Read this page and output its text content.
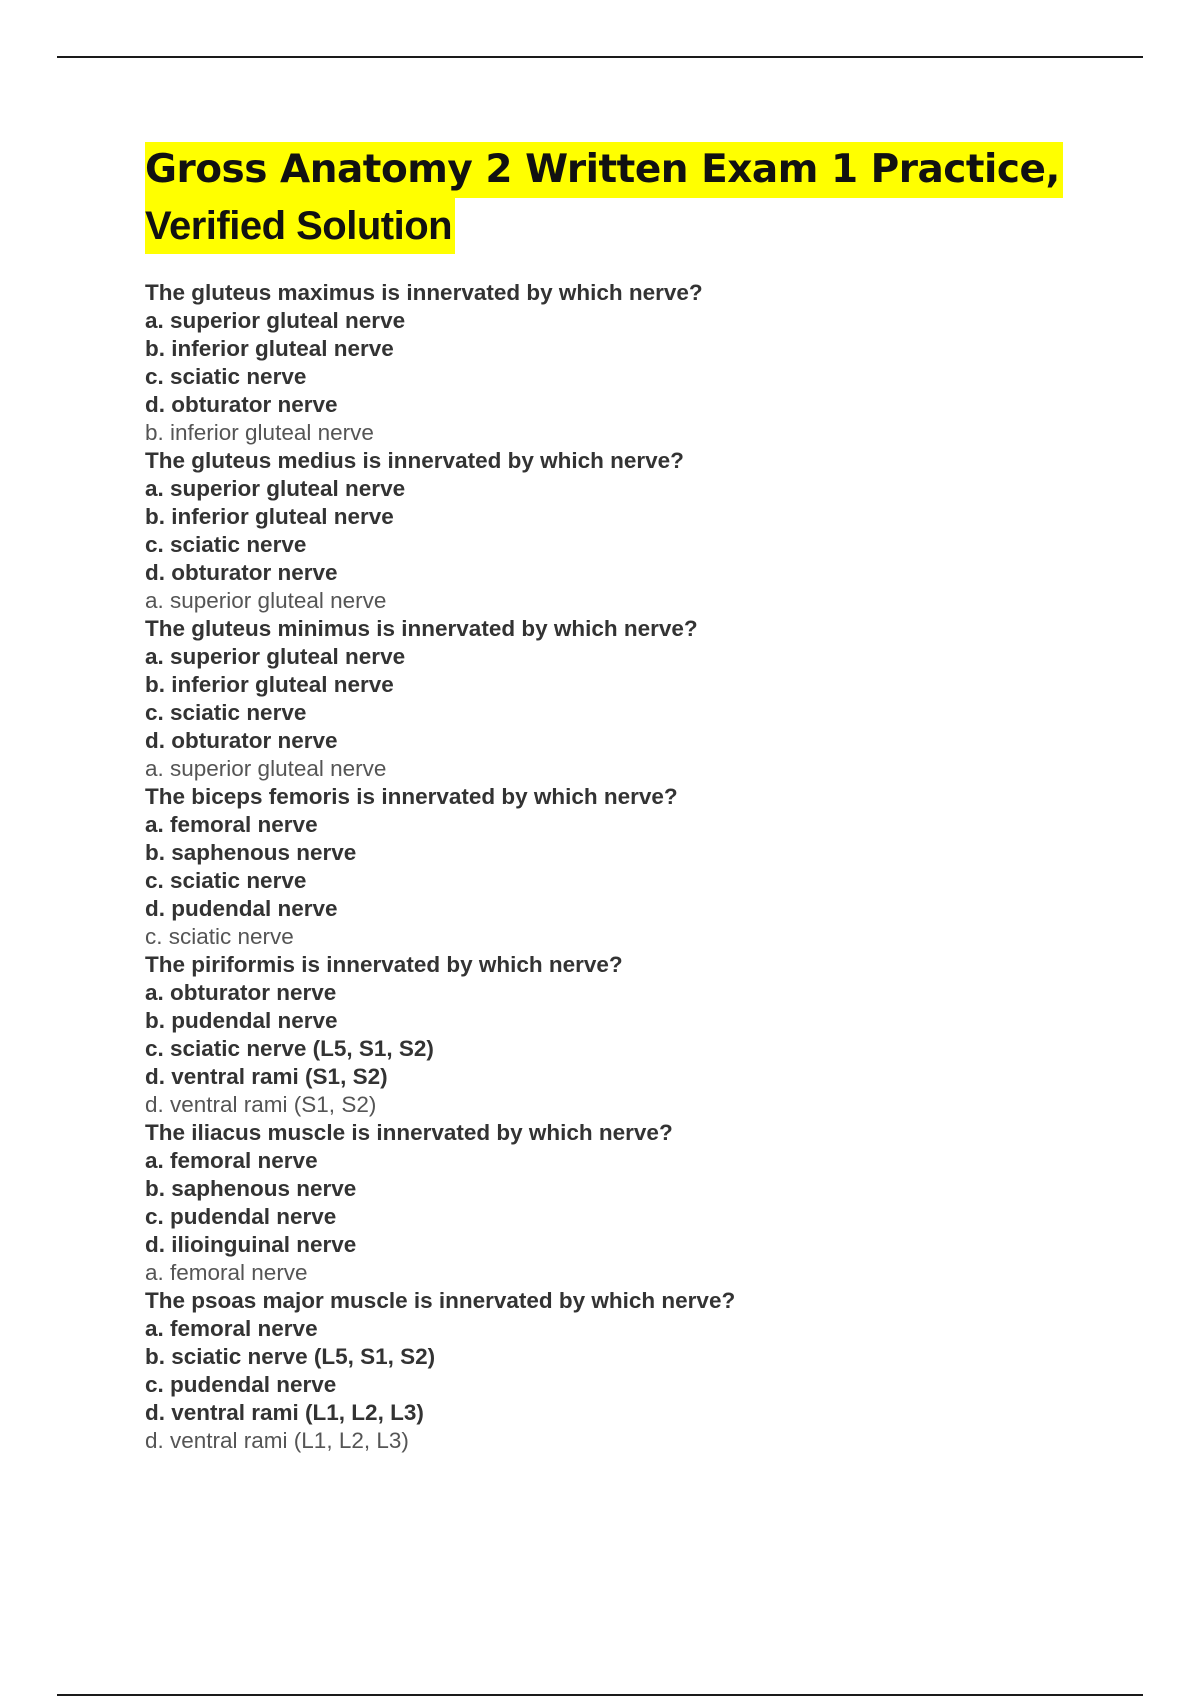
Gross Anatomy 2 Written Exam 1 Practice,
Verified Solution
The gluteus maximus is innervated by which nerve?
a. superior gluteal nerve
b. inferior gluteal nerve
c. sciatic nerve
d. obturator nerve
b. inferior gluteal nerve
The gluteus medius is innervated by which nerve?
a. superior gluteal nerve
b. inferior gluteal nerve
c. sciatic nerve
d. obturator nerve
a. superior gluteal nerve
The gluteus minimus is innervated by which nerve?
a. superior gluteal nerve
b. inferior gluteal nerve
c. sciatic nerve
d. obturator nerve
a. superior gluteal nerve
The biceps femoris is innervated by which nerve?
a. femoral nerve
b. saphenous nerve
c. sciatic nerve
d. pudendal nerve
c. sciatic nerve
The piriformis is innervated by which nerve?
a. obturator nerve
b. pudendal nerve
c. sciatic nerve (L5, S1, S2)
d. ventral rami (S1, S2)
d. ventral rami (S1, S2)
The iliacus muscle is innervated by which nerve?
a. femoral nerve
b. saphenous nerve
c. pudendal nerve
d. ilioinguinal nerve
a. femoral nerve
The psoas major muscle is innervated by which nerve?
a. femoral nerve
b. sciatic nerve (L5, S1, S2)
c. pudendal nerve
d. ventral rami (L1, L2, L3)
d. ventral rami (L1, L2, L3)
